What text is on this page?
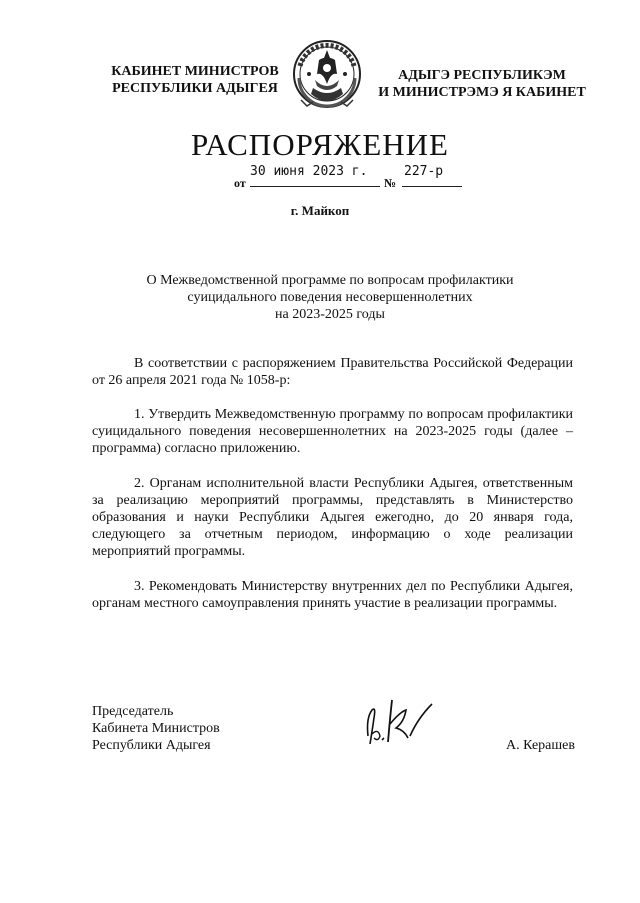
КАБИНЕТ МИНИСТРОВ
РЕСПУБЛИКИ АДЫГЕЯ
АДЫГЭ РЕСПУБЛИКЭМ
И МИНИСТРЭМЭ Я КАБИНЕТ
РАСПОРЯЖЕНИЕ
от
30 июня 2023 г.
№
227-р
г. Майкоп
О Межведомственной программе по вопросам профилактики
суицидального поведения несовершеннолетних
на 2023-2025 годы

В соответствии с распоряжением Правительства Российской Федерации от 26 апреля 2021 года № 1058-р:

1. Утвердить Межведомственную программу по вопросам профилактики суицидального поведения несовершеннолетних на 2023-2025 годы (далее – программа) согласно приложению.

2. Органам исполнительной власти Республики Адыгея, ответственным за реализацию мероприятий программы, представлять в Министерство образования и науки Республики Адыгея ежегодно, до 20 января года, следующего за отчетным периодом, информацию о ходе реализации мероприятий программы.

3. Рекомендовать Министерству внутренних дел по Республики Адыгея, органам местного самоуправления принять участие в реализации программы.

Председатель
Кабинета Министров
Республики Адыгея	А. Керашев
